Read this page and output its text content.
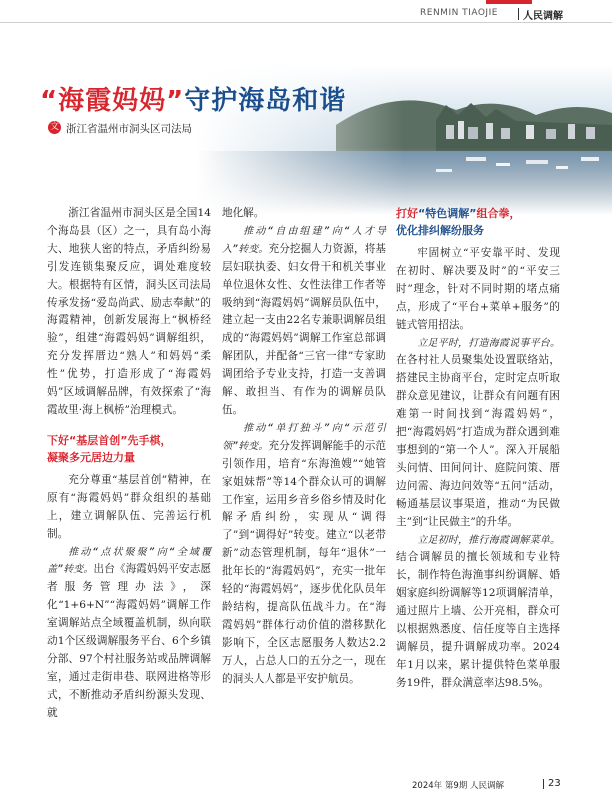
RENMIN TIAOJIE	人民调解
“海霞妈妈”守护海岛和谐
文 浙江省温州市洞头区司法局

浙江省温州市洞头区是全国14个海岛县（区）之一，具有岛小海大、地狭人密的特点，矛盾纠纷易引发连锁集聚反应，调处难度较大。根据特有区情，洞头区司法局传承发扬“爱岛尚武、励志奉献”的海霞精神，创新发展海上“枫桥经验”，组建“海霞妈妈”调解组织，充分发挥厝边“熟人”和妈妈“柔性”优势，打造形成了“海霞妈妈”区域调解品牌，有效探索了“海霞故里·海上枫桥”治理模式。

下好“基层首创”先手棋，
凝聚多元居边力量

充分尊重“基层首创”精神，在原有“海霞妈妈”群众组织的基础上，建立调解队伍、完善运行机制。

推动“点状聚聚”向“全域覆盖”转变。出台《海霞妈妈平安志愿者服务管理办法》，深化“1+6+N”“海霞妈妈”调解工作室调解站点全域覆盖机制，纵向联动1个区级调解服务平台、6个乡镇分部、97个村社服务站或品牌调解室，通过走街串巷、联网进格等形式，不断推动矛盾纠纷源头发现、就

地化解。

推动“自由组建”向“人才导入”转变。充分挖掘人力资源，将基层妇联执委、妇女骨干和机关事业单位退休女性、女性法律工作者等吸纳到“海霞妈妈”调解员队伍中，建立起一支由22名专兼职调解员组成的“海霞妈妈”调解工作室总部调解团队，并配备“三官一律”专家助调团给予专业支持，打造一支善调解、敢担当、有作为的调解员队伍。

推动“单打独斗”向“示范引领”转变。充分发挥调解能手的示范引领作用，培育“东海渔嫂”“她管家姐妹帮”等14个群众认可的调解工作室，运用乡音乡俗乡情及时化解矛盾纠纷，实现从“调得了”到“调得好”转变。建立“以老带新”动态管理机制，每年“退休”一批年长的“海霞妈妈”，充实一批年轻的“海霞妈妈”，逐步优化队员年龄结构，提高队伍战斗力。在“海霞妈妈”群体行动价值的潜移默化影响下，全区志愿服务人数达2.2万人，占总人口的五分之一，现在的洞头人人都是平安护航员。

打好“特色调解”组合拳，
优化排纠解纷服务

牢固树立“平安靠平时、发现在初时、解决要及时”的“平安三时”理念，针对不同时期的堵点痛点，形成了“平台+菜单+服务”的链式管用招法。

立足平时，打造海霞说事平台。在各村社人员聚集处设置联络站，搭建民主协商平台，定时定点听取群众意见建议，让群众有问题有困难第一时间找到“海霞妈妈”，把“海霞妈妈”打造成为群众遇到难事想到的“第一个人”。深入开展船头问情、田间问计、庭院问策、厝边问需、海边问效等“五问”活动，畅通基层议事渠道，推动“为民做主”到“让民做主”的升华。

立足初时，推行海霞调解菜单。结合调解员的擅长领域和专业特长，制作特色海渔事纠纷调解、婚姻家庭纠纷调解等12项调解清单，通过照片上墙、公开亮相，群众可以根据熟悉度、信任度等自主选择调解员，提升调解成功率。2024年1月以来，累计提供特色菜单服务19件，群众满意率达98.5%。

2024年 第9期 人民调解	23
